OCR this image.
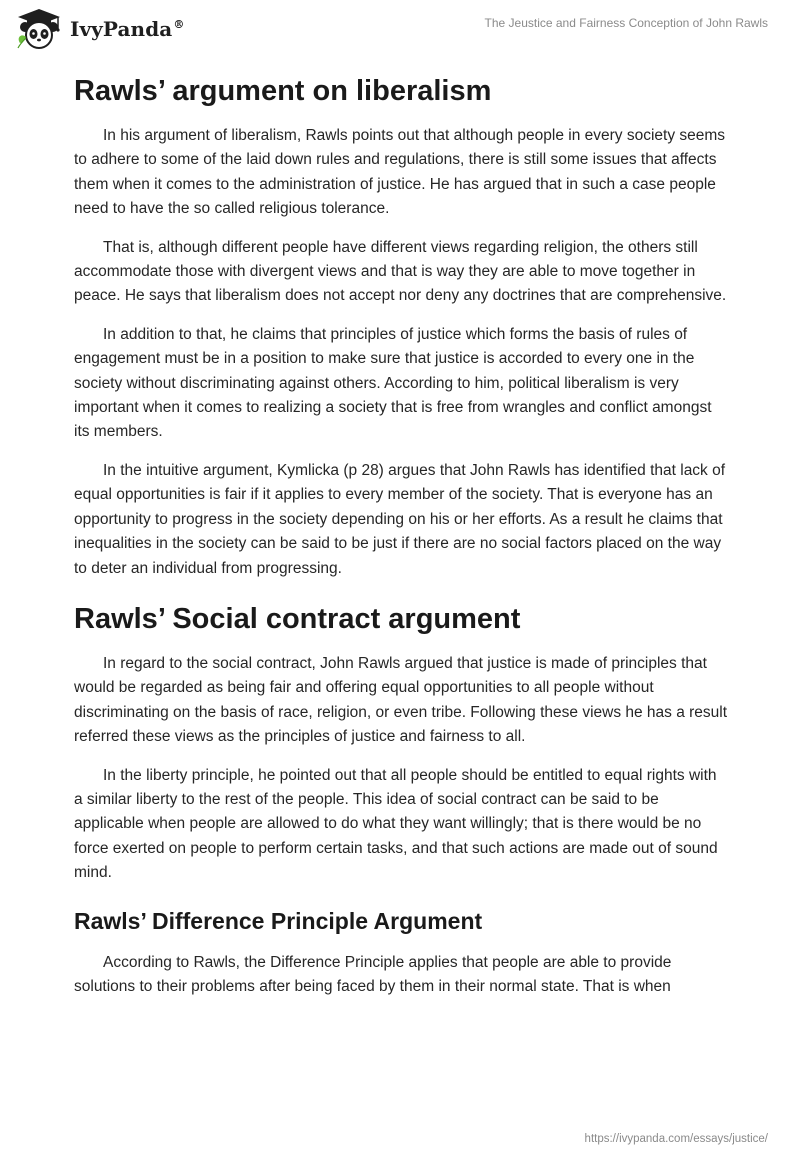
IvyPanda®	The Jeustice and Fairness Conception of John Rawls
Rawls’ argument on liberalism

In his argument of liberalism, Rawls points out that although people in every society seems to adhere to some of the laid down rules and regulations, there is still some issues that affects them when it comes to the administration of justice. He has argued that in such a case people need to have the so called religious tolerance.

That is, although different people have different views regarding religion, the others still accommodate those with divergent views and that is way they are able to move together in peace. He says that liberalism does not accept nor deny any doctrines that are comprehensive.

In addition to that, he claims that principles of justice which forms the basis of rules of engagement must be in a position to make sure that justice is accorded to every one in the society without discriminating against others. According to him, political liberalism is very important when it comes to realizing a society that is free from wrangles and conflict amongst its members.

In the intuitive argument, Kymlicka (p 28) argues that John Rawls has identified that lack of equal opportunities is fair if it applies to every member of the society. That is everyone has an opportunity to progress in the society depending on his or her efforts. As a result he claims that inequalities in the society can be said to be just if there are no social factors placed on the way to deter an individual from progressing.

Rawls’ Social contract argument

In regard to the social contract, John Rawls argued that justice is made of principles that would be regarded as being fair and offering equal opportunities to all people without discriminating on the basis of race, religion, or even tribe. Following these views he has a result referred these views as the principles of justice and fairness to all.

In the liberty principle, he pointed out that all people should be entitled to equal rights with a similar liberty to the rest of the people. This idea of social contract can be said to be applicable when people are allowed to do what they want willingly; that is there would be no force exerted on people to perform certain tasks, and that such actions are made out of sound mind.

Rawls’ Difference Principle Argument

According to Rawls, the Difference Principle applies that people are able to provide solutions to their problems after being faced by them in their normal state. That is when

https://ivypanda.com/essays/justice/
